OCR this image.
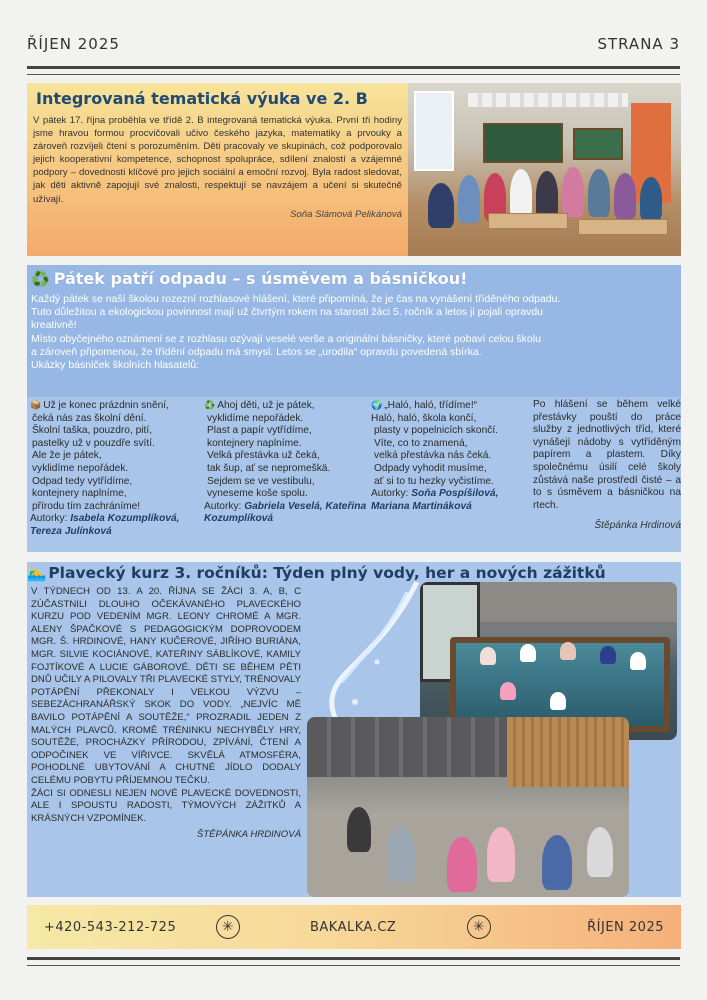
ŘÍJEN 2025	STRANA 3
Integrovaná tematická výuka ve 2. B
V pátek 17. října proběhla ve třídě 2. B integrovaná tematická výuka. První tři hodiny jsme hravou formou procvičovali učivo českého jazyka, matematiky a prvouky a zároveň rozvíjeli čtení s porozuměním. Děti pracovaly ve skupinách, což podporovalo jejich kooperativní kompetence, schopnost spolupráce, sdílení znalostí a vzájemné podpory – dovednosti klíčové pro jejich sociální a emoční rozvoj. Byla radost sledovat, jak děti aktivně zapojují své znalosti, respektují se navzájem a učení si skutečně užívají.
Soňa Slámová Pelikánová
♻️ Pátek patří odpadu – s úsměvem a básničkou!
Každý pátek se naší školou rozezní rozhlasové hlášení, které připomíná, že je čas na vynášení tříděného odpadu.
Tuto důležitou a ekologickou povinnost mají už čtvrtým rokem na starosti žáci 5. ročník a letos ji pojali opravdu
kreativně!
Místo obyčejného oznámení se z rozhlasu ozývají veselé verše a originální básničky, které pobaví celou školu
a zároveň připomenou, že třídění odpadu má smysl. Letos se „urodila“ opravdu povedená sbírka.
Ukázky básniček školních hlasatelů:
📦 Už je konec prázdnin snění,
čeká nás zas školní dění.
Školní taška, pouzdro, pití,
pastelky už v pouzdře svítí.
Ale že je pátek,
vyklidíme nepořádek.
Odpad tedy vytřídíme,
kontejnery naplníme,
přírodu tím zachráníme!
Autorky: Isabela Kozumplíková, Tereza Julínková
♻️ Ahoj děti, už je pátek,
vyklidíme nepořádek.
Plast a papír vytřídíme,
kontejnery naplníme.
Velká přestávka už čeká,
tak šup, ať se nepromeškä.
Sejdem se ve vestibulu,
vyneseme koše spolu.
Autorky: Gabriela Veselá, Kateřina Kozumplíková
🌍 „Haló, haló, třídíme!“
Haló, haló, škola končí,
plasty v popelnicích skončí.
Víte, co to znamená,
velká přestávka nás čeká.
Odpady vyhodit musíme,
ať si to tu hezky vyčistíme.
Autorky: Soňa Pospíšilová, Mariana Martináková
Po hlášení se během velké přestávky pouští do práce služby z jednotlivých tříd, které vynášejí nádoby s vytříděným papírem a plastem. Díky společnému úsilí celé školy zůstává naše prostředí čisté – a to s úsměvem a básničkou na rtech.
Štěpánka Hrdinová
🏊‍♂️ Plavecký kurz 3. ročníků: Týden plný vody, her a nových zážitků

V TÝDNECH OD 13. A 20. ŘÍJNA SE ŽÁCI 3. A, B, C ZÚČASTNILI DLOUHO OČEKÁVANÉHO PLAVECKÉHO KURZU POD VEDENÍM MGR. LEONY CHROMÉ A MGR. ALENY ŠPAČKOVÉ S PEDAGOGICKÝM DOPROVODEM MGR. Š. HRDINOVÉ, HANY KUČEROVÉ, JIŘÍHO BURIÁNA, MGR. SILVIE KOCIÁNOVÉ, KATEŘINY SÁBLÍKOVÉ, KAMILY FOJTÍKOVÉ A LUCIE GÁBOROVÉ. DĚTI SE BĚHEM PĚTI DNŮ UČILY A PILOVALY TŘI PLAVECKÉ STYLY, TRÉNOVALY POTÁPĚNÍ PŘEKONALY I VELKOU VÝZVU – SEBEZÁCHRANÁŘSKÝ SKOK DO VODY. „NEJVÍC MĚ BAVILO POTÁPĚNÍ A SOUTĚŽE,“ PROZRADIL JEDEN Z MALÝCH PLAVCŮ. KROMĚ TRÉNINKU NECHYBĚLY HRY, SOUTĚŽE, PROCHÁZKY PŘÍRODOU, ZPÍVÁNÍ, ČTENÍ A ODPOČINEK VE VÍŘIVCE. SKVĚLÁ ATMOSFÉRA, POHODLNÉ UBYTOVÁNÍ A CHUTNÉ JÍDLO DODALY CELÉMU POBYTU PŘÍJEMNOU TEČKU.

ŽÁCI SI ODNESLI NEJEN NOVÉ PLAVECKÉ DOVEDNOSTI, ALE I SPOUSTU RADOSTI, TÝMOVÝCH ZÁŽITKŮ A KRÁSNÝCH VZPOMÍNEK.

ŠTĚPÁNKA HRDINOVÁ
+420-543-212-725	✳	BAKALKA.CZ	✳	ŘÍJEN 2025
